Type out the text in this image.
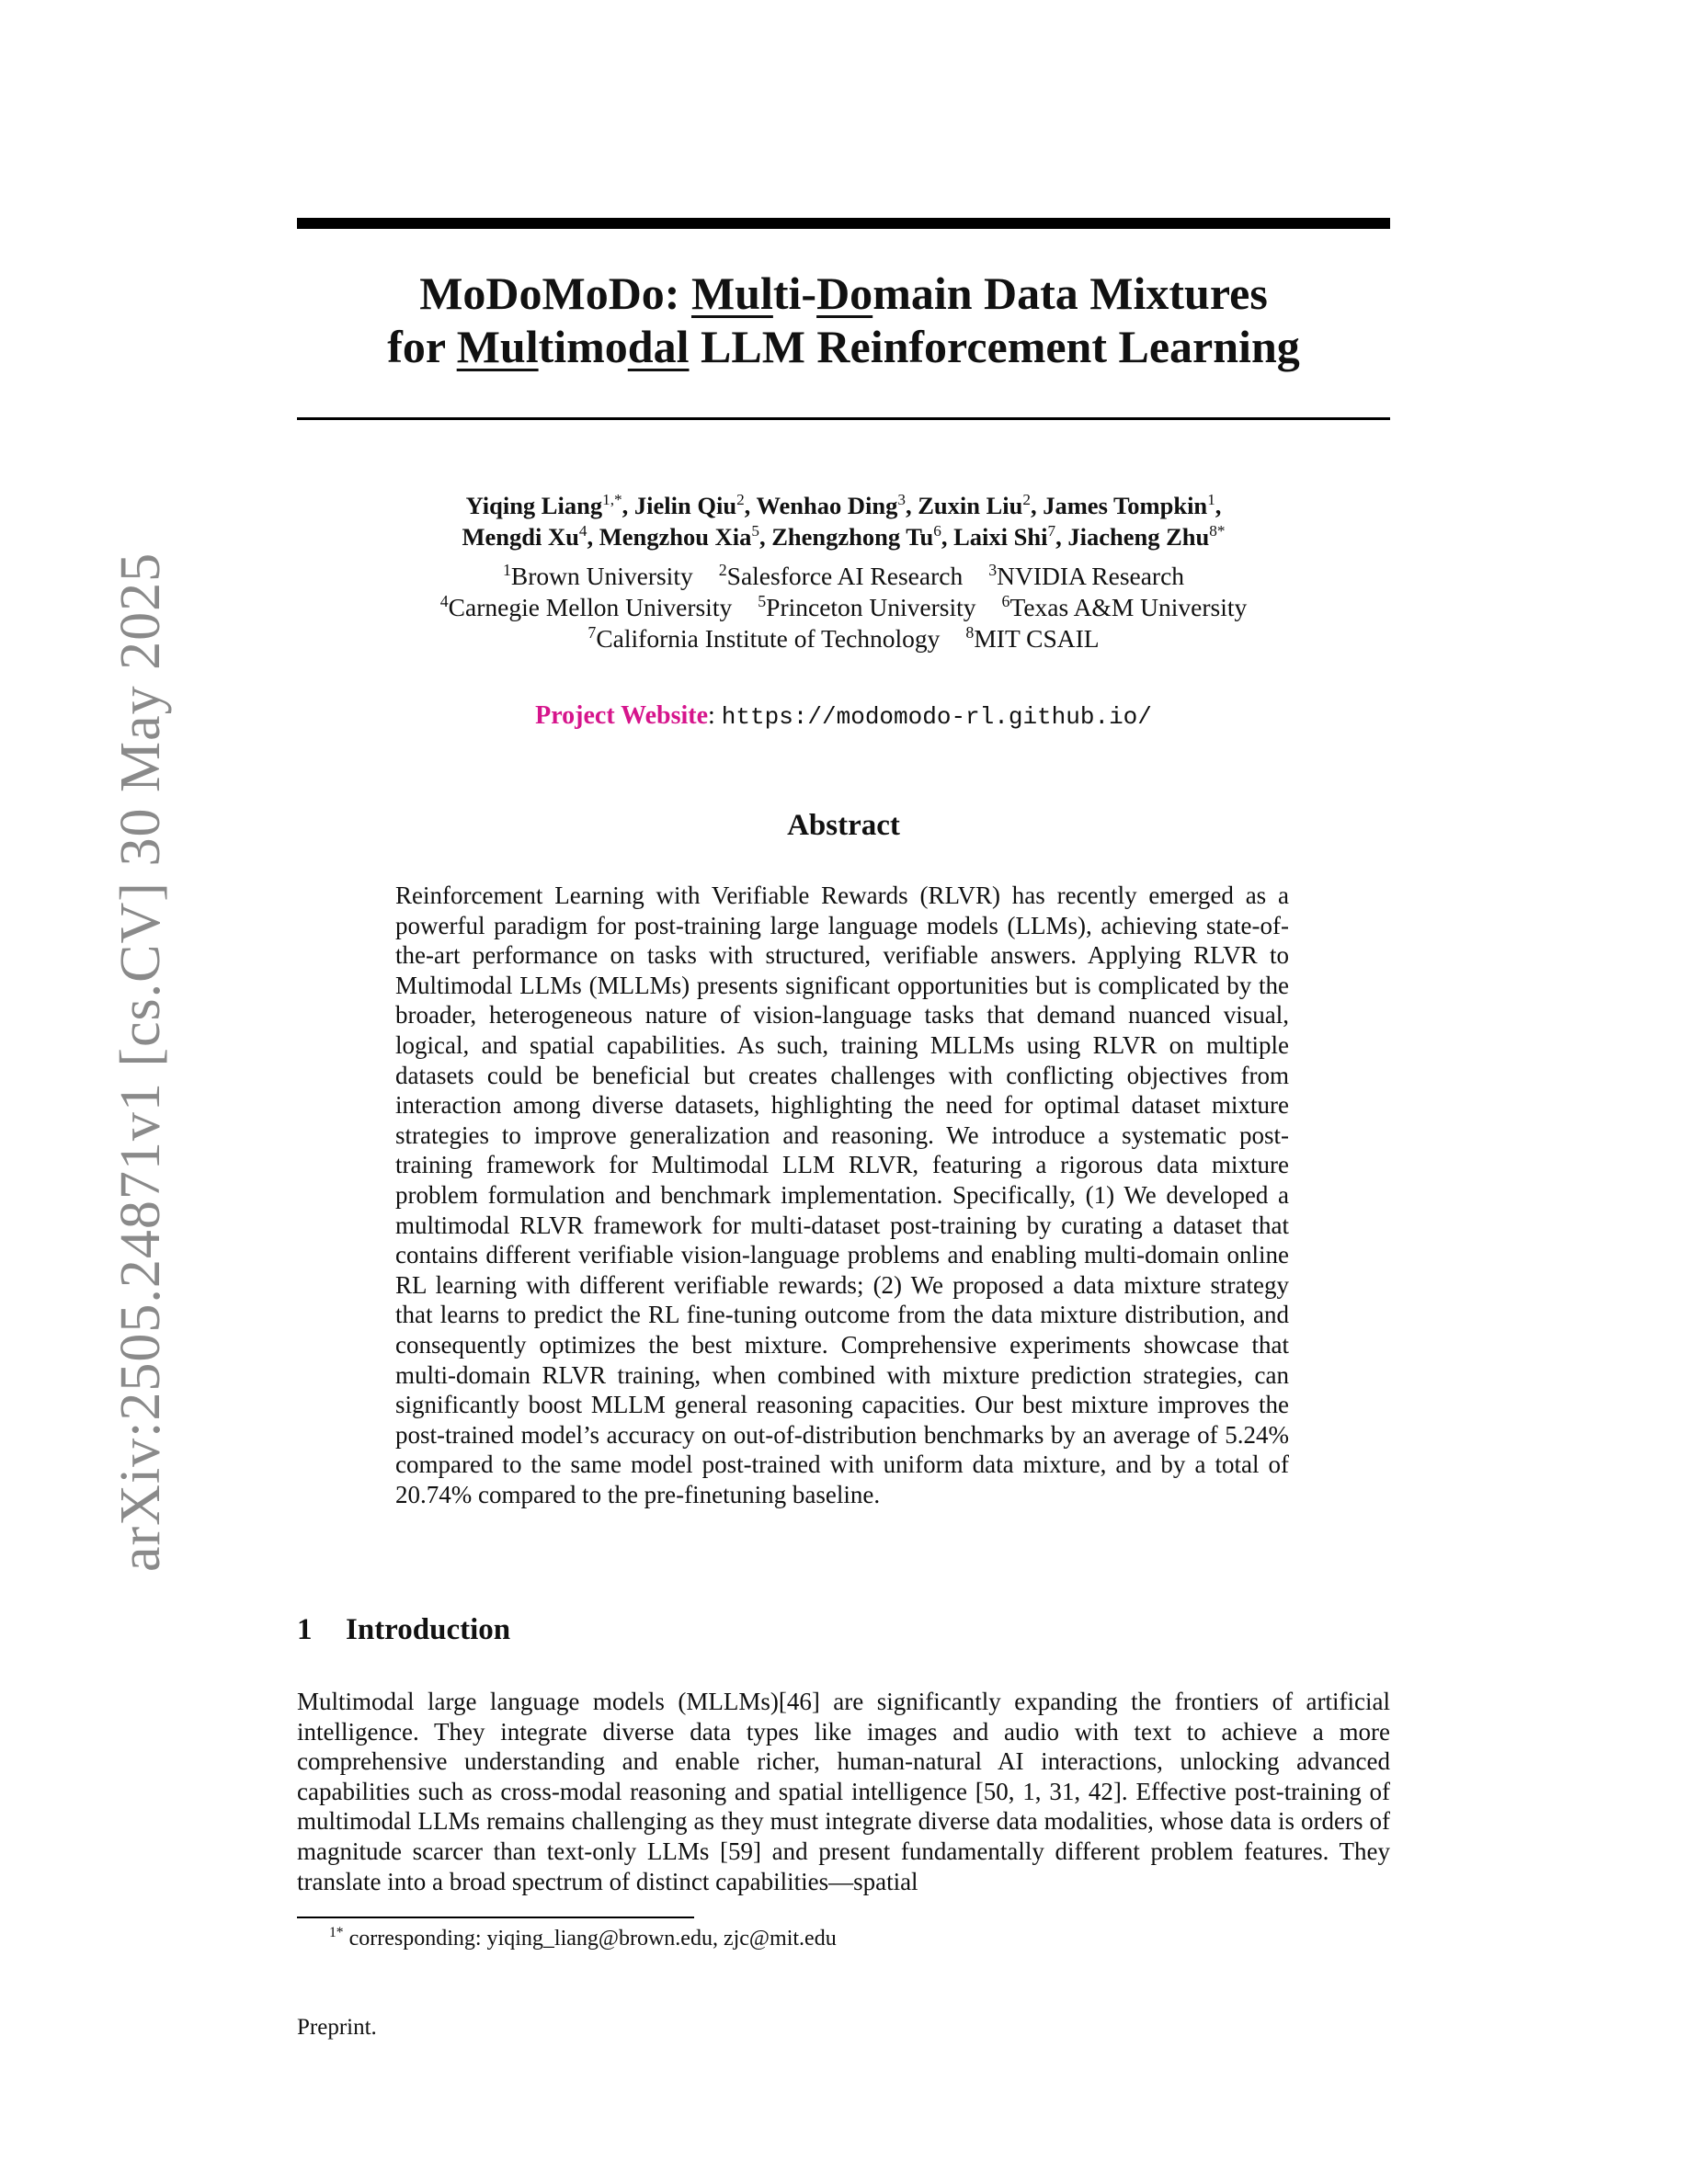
arXiv:2505.24871v1 [cs.CV] 30 May 2025
MoDoMoDo: Multi-Domain Data Mixtures
for Multimodal LLM Reinforcement Learning
Yiqing Liang$^{1,*}$, Jielin Qiu$^2$, Wenhao Ding$^3$, Zuxin Liu$^2$, James Tompkin$^1$,
Mengdi Xu$^4$, Mengzhou Xia$^5$, Zhengzhong Tu$^6$, Laixi Shi$^7$, Jiacheng Zhu$^{8*}$
$^1$Brown University $^2$Salesforce AI Research $^3$NVIDIA Research
$^4$Carnegie Mellon University $^5$Princeton University $^6$Texas A&M University
$^7$California Institute of Technology $^8$MIT CSAIL
Project Website: https://modomodo-rl.github.io/
Abstract
Reinforcement Learning with Verifiable Rewards (RLVR) has recently emerged as a powerful paradigm for post-training large language models (LLMs), achieving state-of-the-art performance on tasks with structured, verifiable answers. Applying RLVR to Multimodal LLMs (MLLMs) presents significant opportunities but is complicated by the broader, heterogeneous nature of vision-language tasks that demand nuanced visual, logical, and spatial capabilities. As such, training MLLMs using RLVR on multiple datasets could be beneficial but creates challenges with conflicting objectives from interaction among diverse datasets, highlighting the need for optimal dataset mixture strategies to improve generalization and reasoning. We introduce a systematic post-training framework for Multimodal LLM RLVR, featuring a rigorous data mixture problem formulation and benchmark implementation. Specifically, (1) We developed a multimodal RLVR framework for multi-dataset post-training by curating a dataset that contains different verifiable vision-language problems and enabling multi-domain online RL learning with different verifiable rewards; (2) We proposed a data mixture strategy that learns to predict the RL fine-tuning outcome from the data mixture distribution, and consequently optimizes the best mixture. Comprehensive experiments showcase that multi-domain RLVR training, when combined with mixture prediction strategies, can significantly boost MLLM general reasoning capacities. Our best mixture improves the post-trained model’s accuracy on out-of-distribution benchmarks by an average of 5.24% compared to the same model post-trained with uniform data mixture, and by a total of 20.74% compared to the pre-finetuning baseline.
1 Introduction
Multimodal large language models (MLLMs)[46] are significantly expanding the frontiers of artificial intelligence. They integrate diverse data types like images and audio with text to achieve a more comprehensive understanding and enable richer, human-natural AI interactions, unlocking advanced capabilities such as cross-modal reasoning and spatial intelligence [50, 1, 31, 42]. Effective post-training of multimodal LLMs remains challenging as they must integrate diverse data modalities, whose data is orders of magnitude scarcer than text-only LLMs [59] and present fundamentally different problem features. They translate into a broad spectrum of distinct capabilities—spatial
$^{1*}$ corresponding: yiqing_liang@brown.edu, zjc@mit.edu
Preprint.
